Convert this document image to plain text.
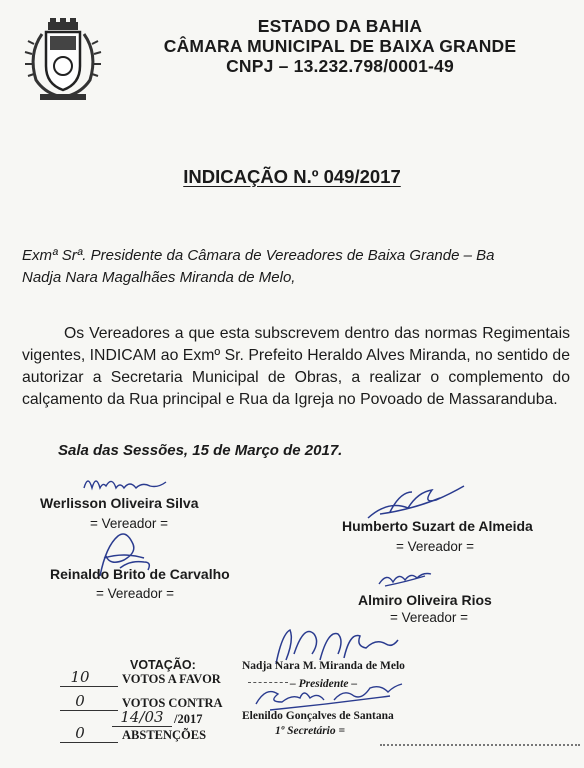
ESTADO DA BAHIA
CÂMARA MUNICIPAL DE BAIXA GRANDE
CNPJ – 13.232.798/0001-49
INDICAÇÃO N.º 049/2017
Exmª Srª. Presidente da Câmara de Vereadores de Baixa Grande – Ba
Nadja Nara Magalhães Miranda de Melo,
Os Vereadores a que esta subscrevem dentro das normas Regimentais vigentes, INDICAM ao Exmº Sr. Prefeito Heraldo Alves Miranda, no sentido de autorizar a Secretaria Municipal de Obras, a realizar o complemento do calçamento da Rua principal e Rua da Igreja no Povoado de Massaranduba.
Sala das Sessões, 15 de Março de 2017.
Werlisson Oliveira Silva
= Vereador =	Humberto Suzart de Almeida
= Vereador =
Reinaldo Brito de Carvalho
= Vereador =	Almiro Oliveira Rios
= Vereador =
VOTAÇÃO:
10	VOTOS A FAVOR
0	VOTOS CONTRA
14/03 /2017
0	ABSTENÇÕES
Nadja Nara M. Miranda de Melo
– Presidente –
Elenildo Gonçalves de Santana
1º Secretário =
